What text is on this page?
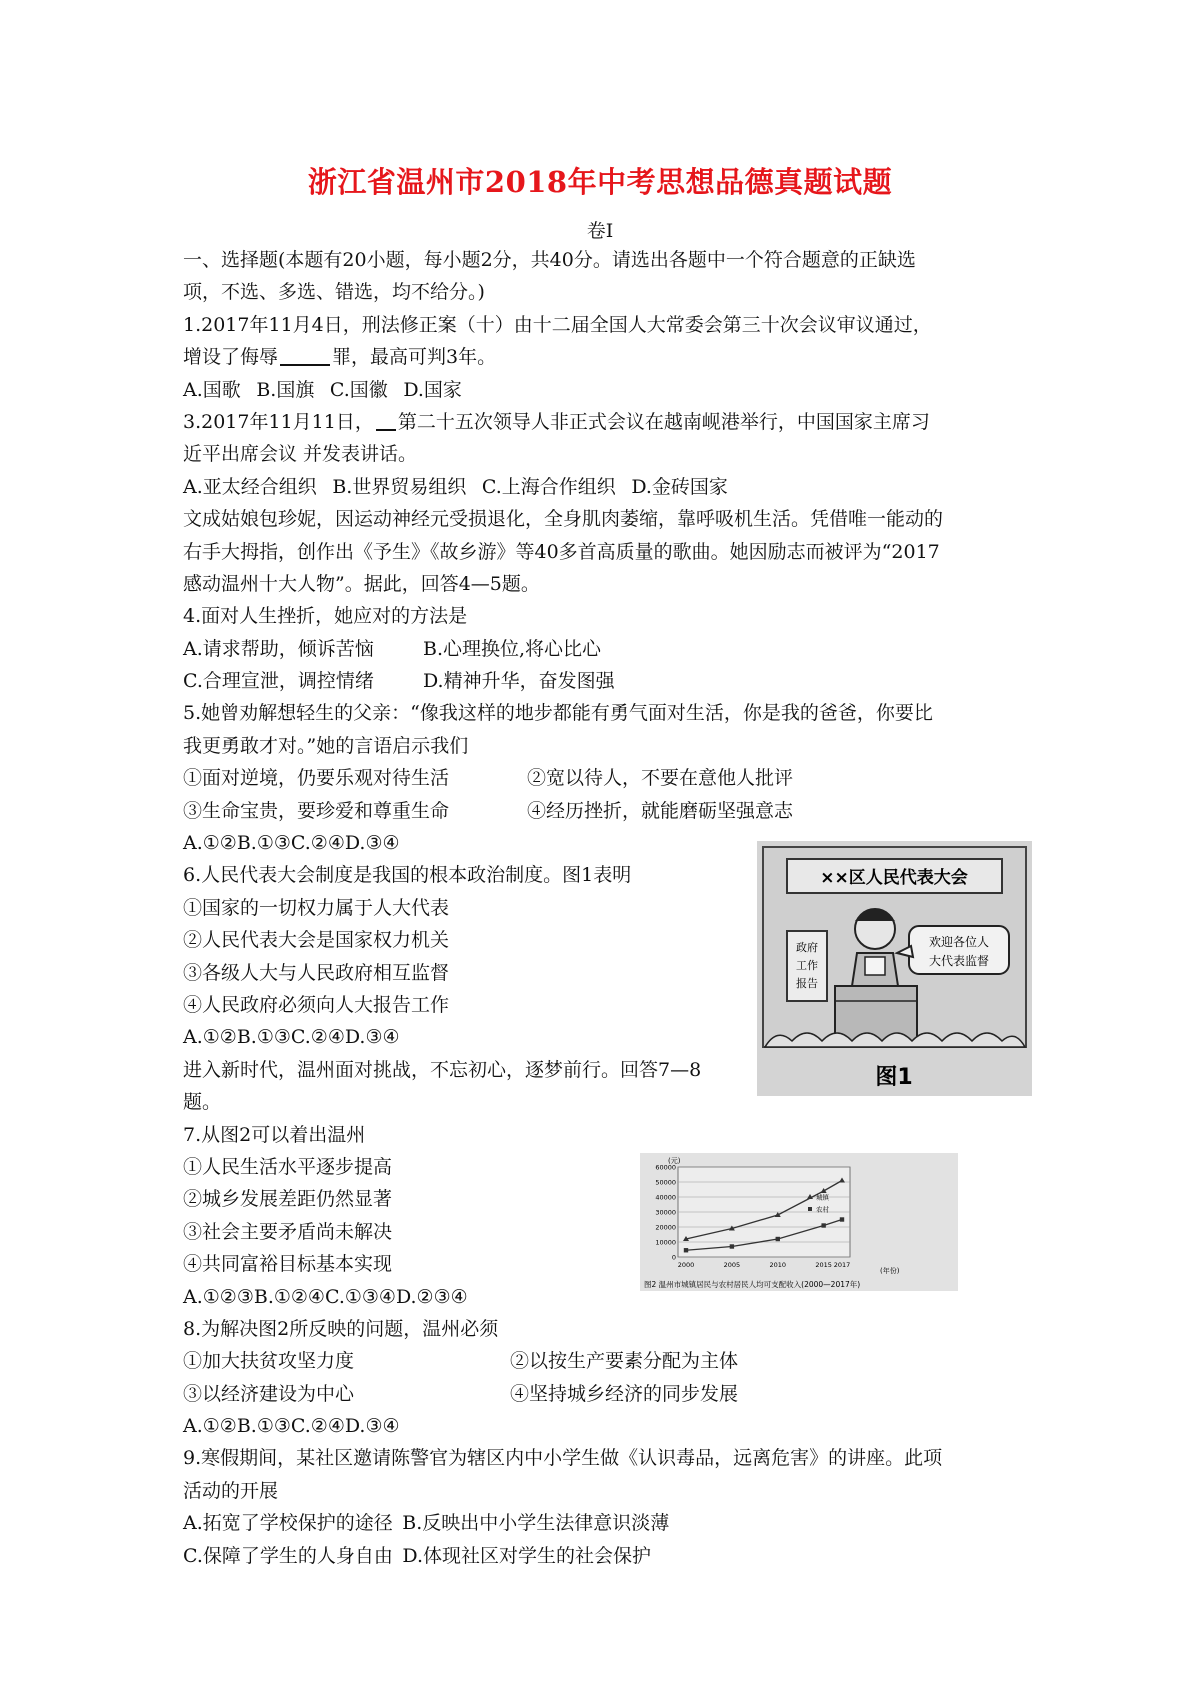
浙江省温州市2018年中考思想品德真题试题
卷Ⅰ
一、选择题(本题有20小题，每小题2分，共40分。请选出各题中一个符合题意的正缺选
项，不选、多选、错选，均不给分。)
1.2017年11月4日，刑法修正案（十）由十二届全国人大常委会第三十次会议审议通过，
增设了侮辱	罪，最高可判3年。
A.国歌  B.国旗  C.国徽  D.国家
3.2017年11月11日， 第二十五次领导人非正式会议在越南岘港举行，中国国家主席习
近平出席会议 并发表讲话。
A.亚太经合组织  B.世界贸易组织  C.上海合作组织  D.金砖国家
文成姑娘包珍妮，因运动神经元受损退化，全身肌肉萎缩，靠呼吸机生活。凭借唯一能动的
右手大拇指，创作出《予生》《故乡游》等40多首高质量的歌曲。她因励志而被评为“2017
感动温州十大人物”。据此，回答4—5题。
4.面对人生挫折，她应对的方法是
A.请求帮助，倾诉苦恼	B.心理换位,将心比心
C.合理宣泄，调控情绪	D.精神升华，奋发图强
5.她曾劝解想轻生的父亲：“像我这样的地步都能有勇气面对生活，你是我的爸爸，你要比
我更勇敢才对。”她的言语启示我们
①面对逆境，仍要乐观对待生活	②宽以待人，不要在意他人批评
③生命宝贵，要珍爱和尊重生命	④经历挫折，就能磨砺坚强意志
A.①②B.①③C.②④D.③④
6.人民代表大会制度是我国的根本政治制度。图1表明
①国家的一切权力属于人大代表
②人民代表大会是国家权力机关
③各级人大与人民政府相互监督
④人民政府必须向人大报告工作
A.①②B.①③C.②④D.③④
进入新时代，温州面对挑战，不忘初心，逐梦前行。回答7—8
题。
7.从图2可以着出温州
①人民生活水平逐步提高
②城乡发展差距仍然显著
③社会主要矛盾尚未解决
④共同富裕目标基本实现
A.①②③B.①②④C.①③④D.②③④
8.为解决图2所反映的问题，温州必须
①加大扶贫攻坚力度	②以按生产要素分配为主体
③以经济建设为中心	④坚持城乡经济的同步发展
A.①②B.①③C.②④D.③④
9.寒假期间，某社区邀请陈警官为辖区内中小学生做《认识毒品，远离危害》的讲座。此项
活动的开展
A.拓宽了学校保护的途径  B.反映出中小学生法律意识淡薄
C.保障了学生的人身自由  D.体现社区对学生的社会保护
××区人民代表大会
政府
工作
报告
欢迎各位人
大代表监督
图1
(元)
(年份)
图2 温州市城镇居民与农村居民人均可支配收入(2000—2017年)
0
10000
20000
30000
40000
50000
60000
2000	2005	2010	2015 2017
城镇
农村
